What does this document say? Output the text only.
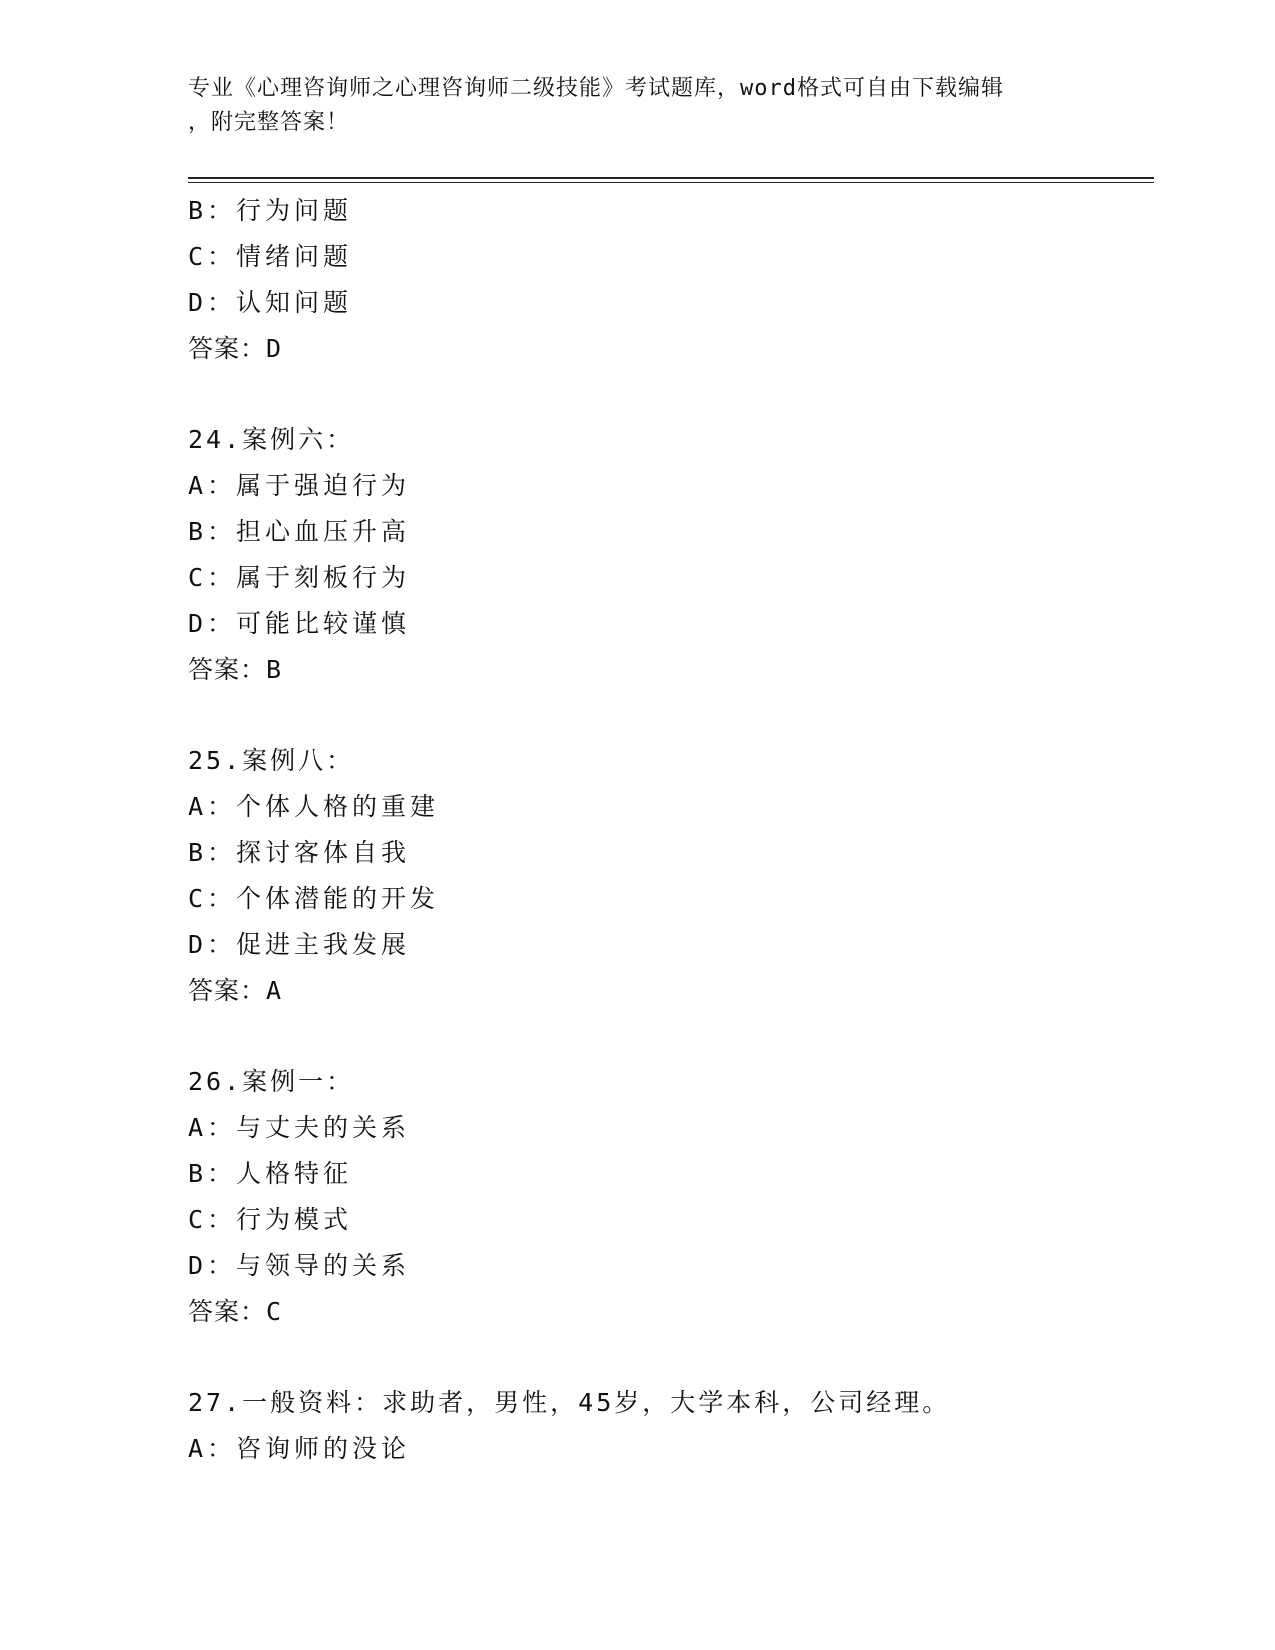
专业《心理咨询师之心理咨询师二级技能》考试题库，word格式可自由下载编辑
，附完整答案！
B：行为问题
C：情绪问题
D：认知问题
答案：D
24.案例六：
A：属于强迫行为
B：担心血压升高
C：属于刻板行为
D：可能比较谨慎
答案：B
25.案例八：
A：个体人格的重建
B：探讨客体自我
C：个体潜能的开发
D：促进主我发展
答案：A
26.案例一：
A：与丈夫的关系
B：人格特征
C：行为模式
D：与领导的关系
答案：C
27.一般资料：求助者，男性，45岁，大学本科，公司经理。
A：咨询师的没论
